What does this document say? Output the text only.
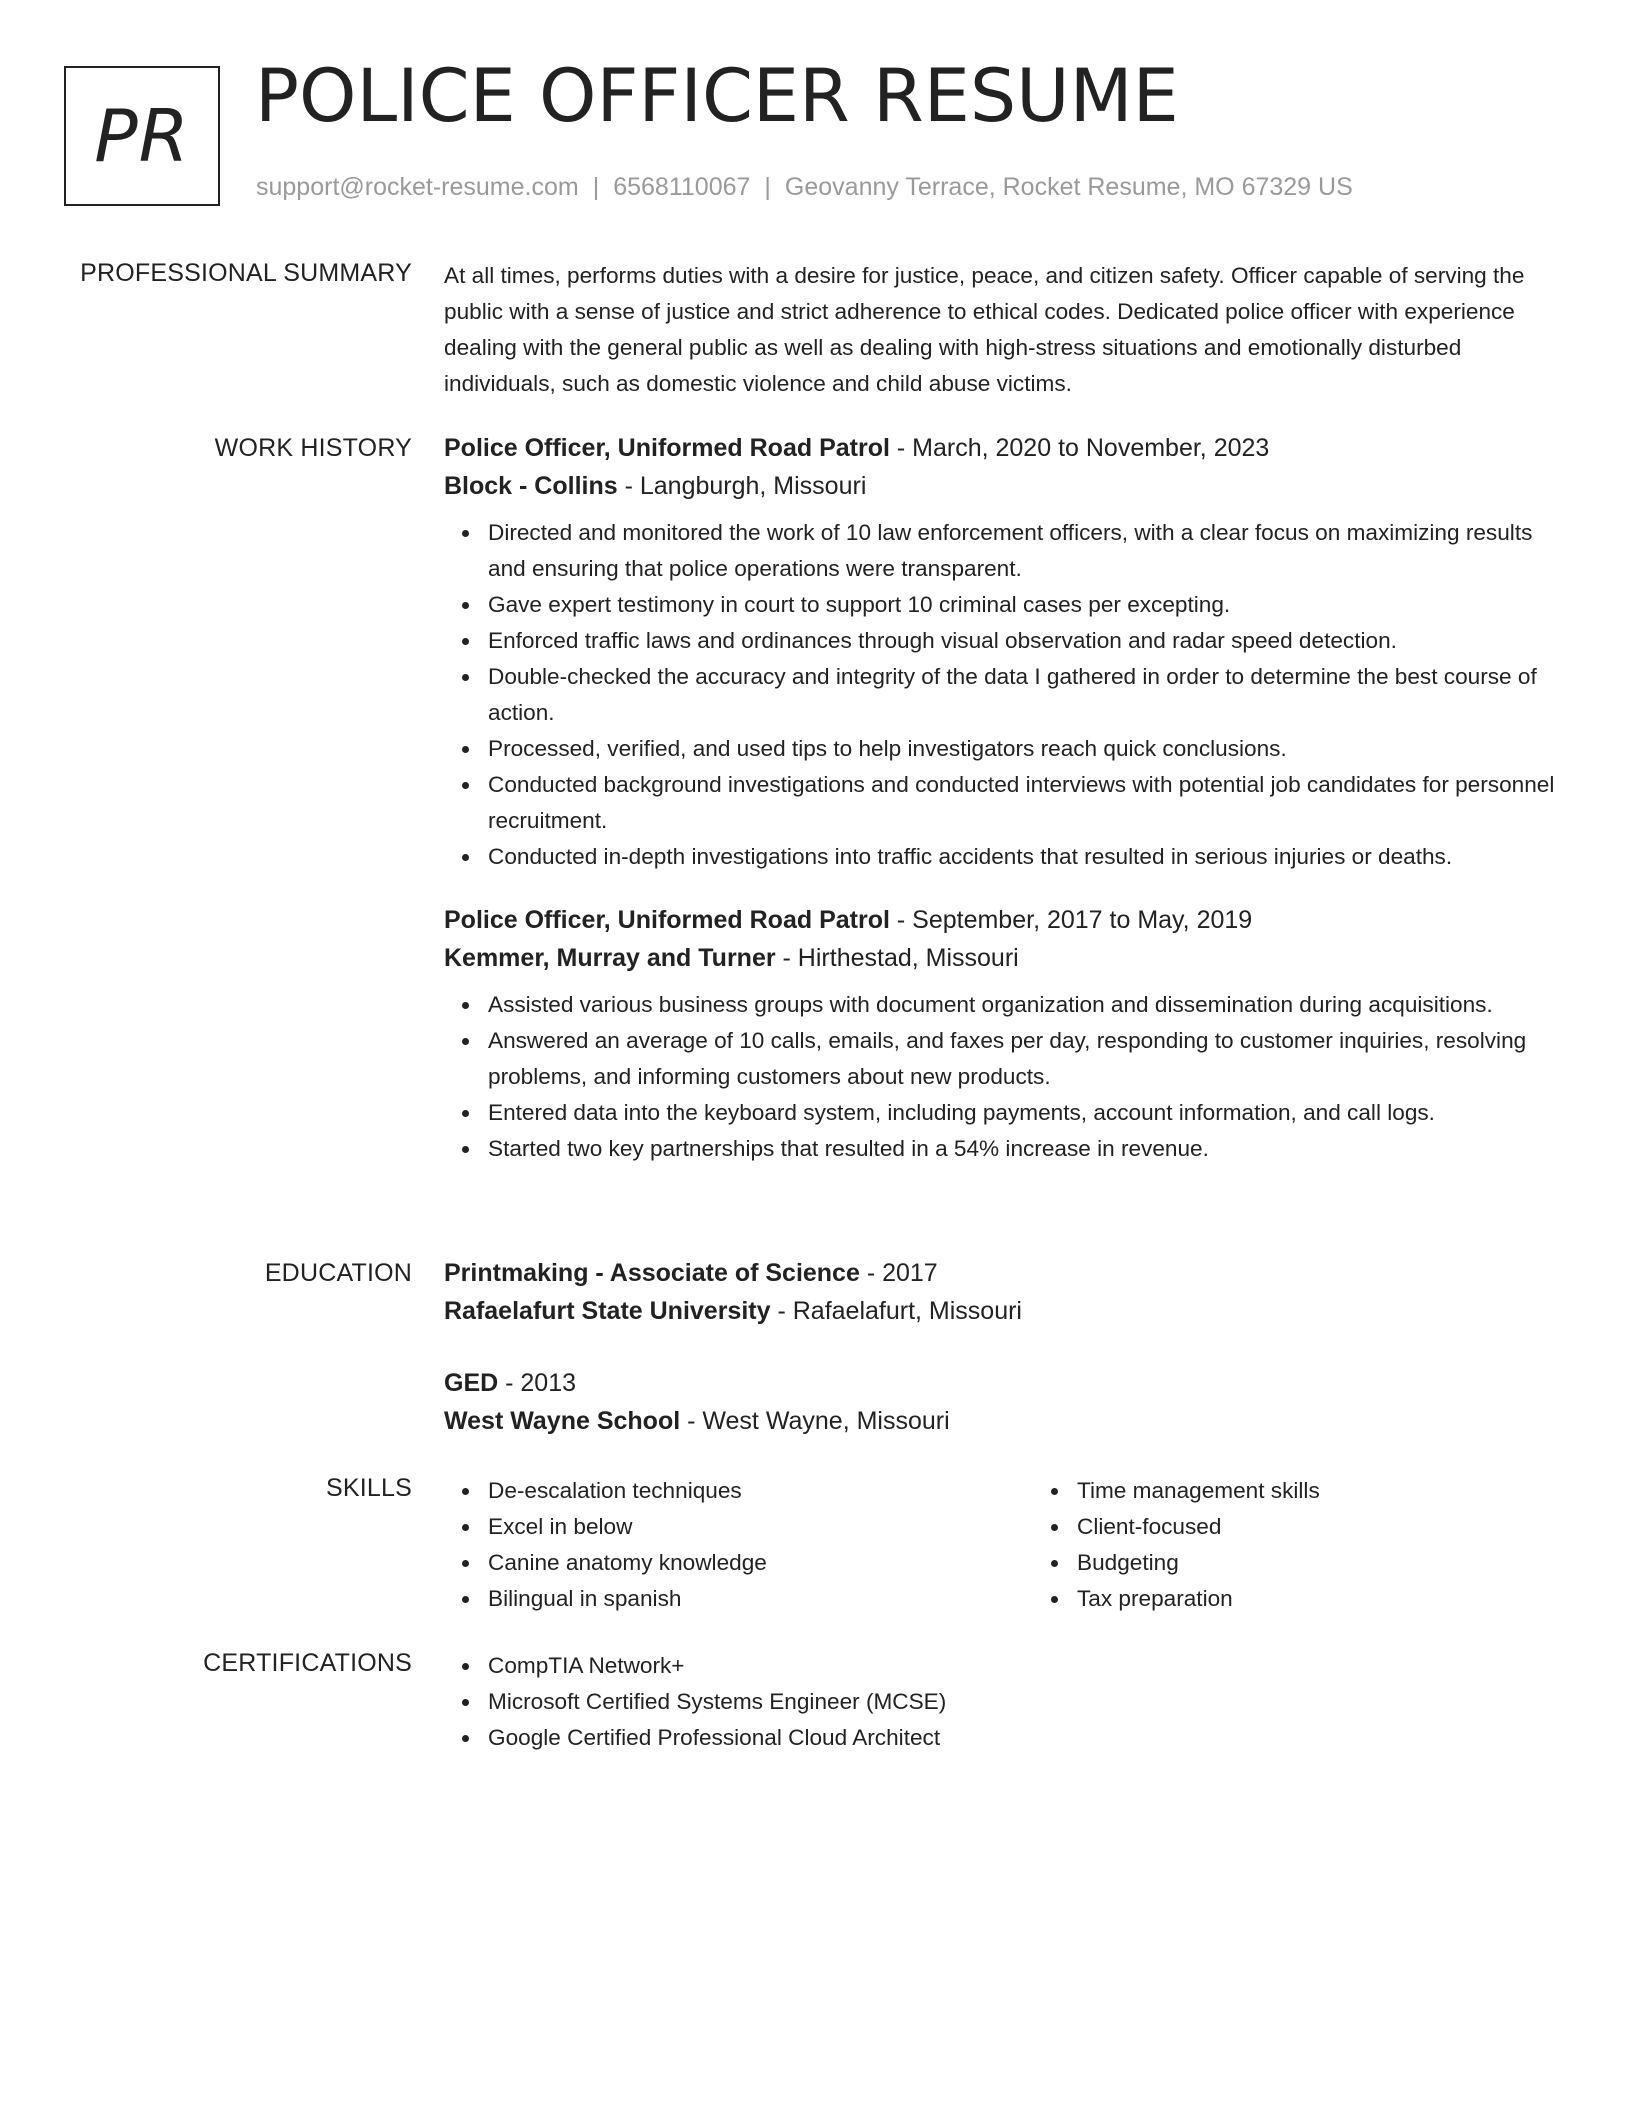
PR POLICE OFFICER RESUME
support@rocket-resume.com | 6568110067 | Geovanny Terrace, Rocket Resume, MO 67329 US
PROFESSIONAL SUMMARY At all times, performs duties with a desire for justice, peace, and citizen safety. Officer capable of serving the public with a sense of justice and strict adherence to ethical codes. Dedicated police officer with experience dealing with the general public as well as dealing with high-stress situations and emotionally disturbed individuals, such as domestic violence and child abuse victims.

WORK HISTORY Police Officer, Uniformed Road Patrol - March, 2020 to November, 2023
Block - Collins - Langburgh, Missouri
Directed and monitored the work of 10 law enforcement officers, with a clear focus on maximizing results and ensuring that police operations were transparent.
Gave expert testimony in court to support 10 criminal cases per excepting.
Enforced traffic laws and ordinances through visual observation and radar speed detection.
Double-checked the accuracy and integrity of the data I gathered in order to determine the best course of action.
Processed, verified, and used tips to help investigators reach quick conclusions.
Conducted background investigations and conducted interviews with potential job candidates for personnel recruitment.
Conducted in-depth investigations into traffic accidents that resulted in serious injuries or deaths.
Police Officer, Uniformed Road Patrol - September, 2017 to May, 2019
Kemmer, Murray and Turner - Hirthestad, Missouri
Assisted various business groups with document organization and dissemination during acquisitions.
Answered an average of 10 calls, emails, and faxes per day, responding to customer inquiries, resolving problems, and informing customers about new products.
Entered data into the keyboard system, including payments, account information, and call logs.
Started two key partnerships that resulted in a 54% increase in revenue.
EDUCATION Printmaking - Associate of Science - 2017
Rafaelafurt State University - Rafaelafurt, Missouri
GED - 2013
West Wayne School - West Wayne, Missouri
SKILLS	De-escalation techniques
Excel in below
Canine anatomy knowledge
Bilingual in spanish
Time management skills
Client-focused
Budgeting
Tax preparation
CERTIFICATIONS	CompTIA Network+
Microsoft Certified Systems Engineer (MCSE)
Google Certified Professional Cloud Architect
